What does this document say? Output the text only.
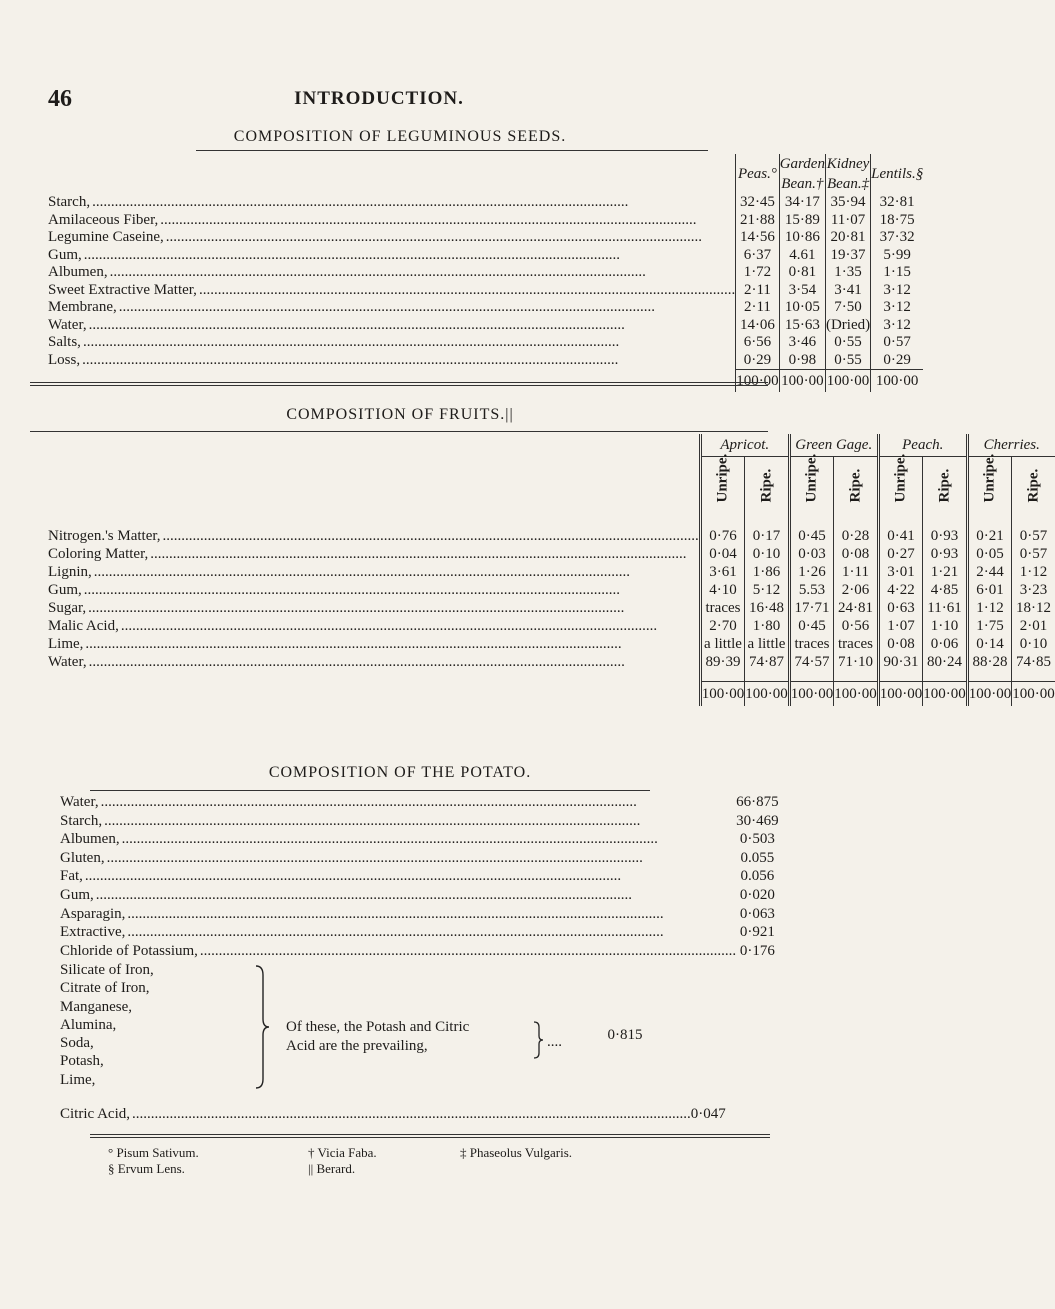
46	INTRODUCTION.
COMPOSITION OF LEGUMINOUS SEEDS.
	Peas.°	Garden Bean.†	Kidney Bean.‡	Lentils.§
Starch, ...............................................................................................................................................	32·45	34·17	35·94	32·81
Amilaceous Fiber, ...............................................................................................................................................	21·88	15·89	11·07	18·75
Legumine Caseine, ...............................................................................................................................................	14·56	10·86	20·81	37·32
Gum, ...............................................................................................................................................	6·37	4.61	19·37	5·99
Albumen, ...............................................................................................................................................	1·72	0·81	1·35	1·15
Sweet Extractive Matter, ...............................................................................................................................................	2·11	3·54	3·41	3·12
Membrane, ...............................................................................................................................................	2·11	10·05	7·50	3·12
Water, ...............................................................................................................................................	14·06	15·63	(Dried)	3·12
Salts, ...............................................................................................................................................	6·56	3·46	0·55	0·57
Loss, ...............................................................................................................................................	0·29	0·98	0·55	0·29
	100·00	100·00	100·00	100·00
COMPOSITION OF FRUITS.||
	Apricot.		Green Gage.		Peach.		Cherries.	

	Unripe.	Ripe.	Unripe.	Ripe.	Unripe.	Ripe.	Unripe.	Ripe.

Nitrogen.'s Matter, ...............................................................................................................................................	0·76	0·17	0·45	0·28	0·41	0·93	0·21	0·57
Coloring Matter, ...............................................................................................................................................	0·04	0·10	0·03	0·08	0·27	0·93	0·05	0·57
Lignin, ...............................................................................................................................................	3·61	1·86	1·26	1·11	3·01	1·21	2·44	1·12
Gum, ...............................................................................................................................................	4·10	5·12	5.53	2·06	4·22	4·85	6·01	3·23
Sugar, ...............................................................................................................................................	traces	16·48	17·71	24·81	0·63	11·61	1·12	18·12
Malic Acid, ...............................................................................................................................................	2·70	1·80	0·45	0·56	1·07	1·10	1·75	2·01
Lime, ...............................................................................................................................................	a little	a little	traces	traces	0·08	0·06	0·14	0·10
Water, ...............................................................................................................................................	89·39	74·87	74·57	71·10	90·31	80·24	88·28	74·85

	100·00	100·00	100·00	100·00	100·00	100·00	100·00	100·00
COMPOSITION OF THE POTATO.
Water, ...............................................................................................................................................	66·875
Starch, ...............................................................................................................................................	30·469
Albumen, ...............................................................................................................................................	0·503
Gluten, ...............................................................................................................................................	0.055
Fat, ...............................................................................................................................................	0.056
Gum, ...............................................................................................................................................	0·020
Asparagin, ...............................................................................................................................................	0·063
Extractive, ...............................................................................................................................................	0·921
Chloride of Potassium, ...............................................................................................................................................	0·176
Silicate of Iron,
Citrate of Iron,
Manganese,
Alumina,
Soda,
Potash,
Lime,
Of these, the Potash and Citric
Acid are the prevailing,	....	0·815
Citric Acid, .....................................................................................................................................................	0·047
° Pisum Sativum.	† Vicia Faba.	‡ Phaseolus Vulgaris.
§ Ervum Lens.	|| Berard.
